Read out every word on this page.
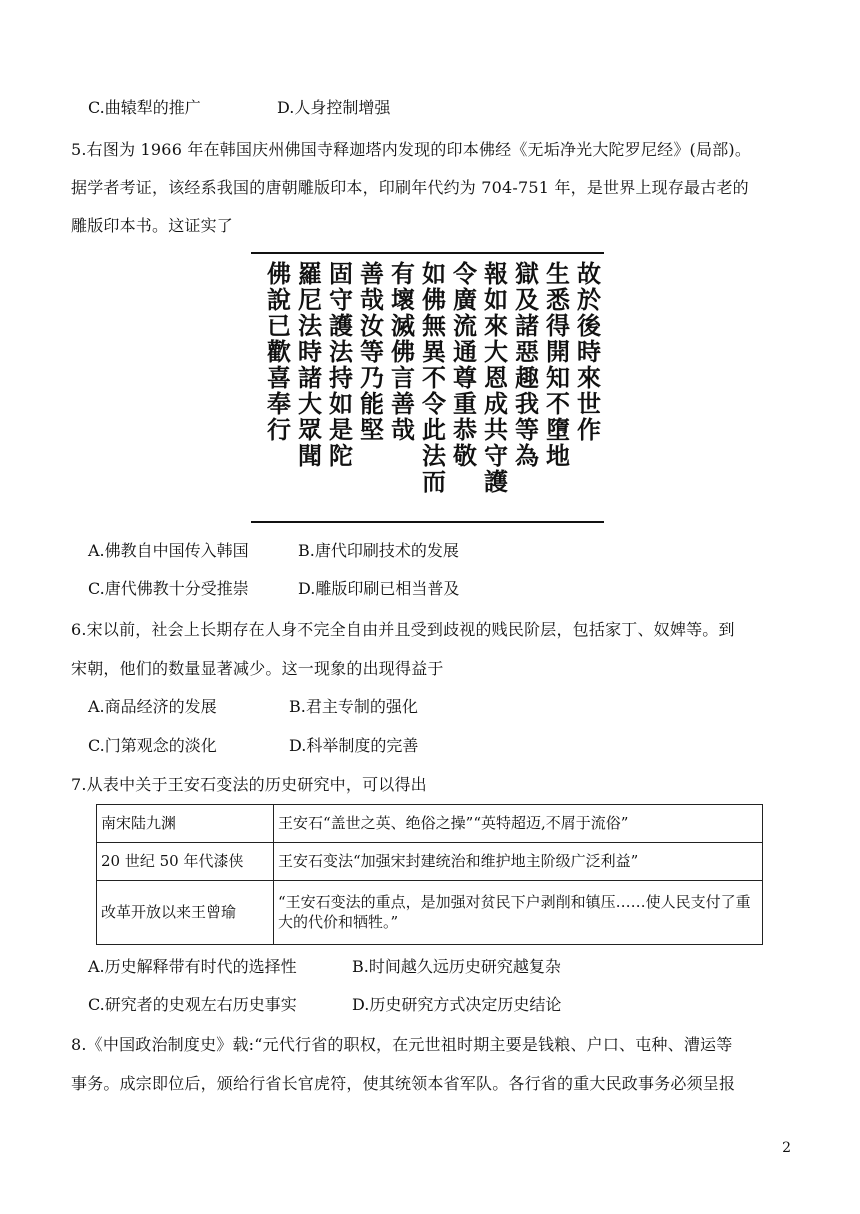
C.曲辕犁的推广	D.人身控制增强
5.右图为 1966 年在韩国庆州佛国寺释迦塔内发现的印本佛经《无垢净光大陀罗尼经》(局部)。
据学者考证，该经系我国的唐朝雕版印本，印刷年代约为 704-751 年，是世界上现存最古老的
雕版印本书。这证实了
故
於
後
時
來
世
作
生
悉
得
開
知
不
墮
地
獄
及
諸
惡
趣
我
等
為
報
如
來
大
恩
成
共
守
護
令
廣
流
通
尊
重
恭
敬
如
佛
無
異
不
令
此
法
而
有
壞
滅
佛
言
善
哉
善
哉
汝
等
乃
能
堅
固
守
護
法
持
如
是
陀
羅
尼
法
時
諸
大
眾
聞
佛
說
已
歡
喜
奉
行
A.佛教自中国传入韩国	B.唐代印刷技术的发展
C.唐代佛教十分受推崇	D.雕版印刷已相当普及
6.宋以前，社会上长期存在人身不完全自由并且受到歧视的贱民阶层，包括家丁、奴婢等。到
宋朝，他们的数量显著减少。这一现象的出现得益于
A.商品经济的发展	B.君主专制的强化
C.门第观念的淡化	D.科举制度的完善
7.从表中关于王安石变法的历史研究中，可以得出
南宋陆九渊	王安石“盖世之英、绝俗之操”“英特超迈,不屑于流俗”
20 世纪 50 年代漆侠	王安石变法“加强宋封建统治和维护地主阶级广泛利益”
改革开放以来王曾瑜	“王安石变法的重点，是加强对贫民下户剥削和镇压……使人民支付了重大的代价和牺牲。”
A.历史解释带有时代的选择性	B.时间越久远历史研究越复杂
C.研究者的史观左右历史事实	D.历史研究方式决定历史结论
8.《中国政治制度史》载:“元代行省的职权，在元世祖时期主要是钱粮、户口、屯种、漕运等
事务。成宗即位后，颁给行省长官虎符，使其统领本省军队。各行省的重大民政事务必须呈报
2
